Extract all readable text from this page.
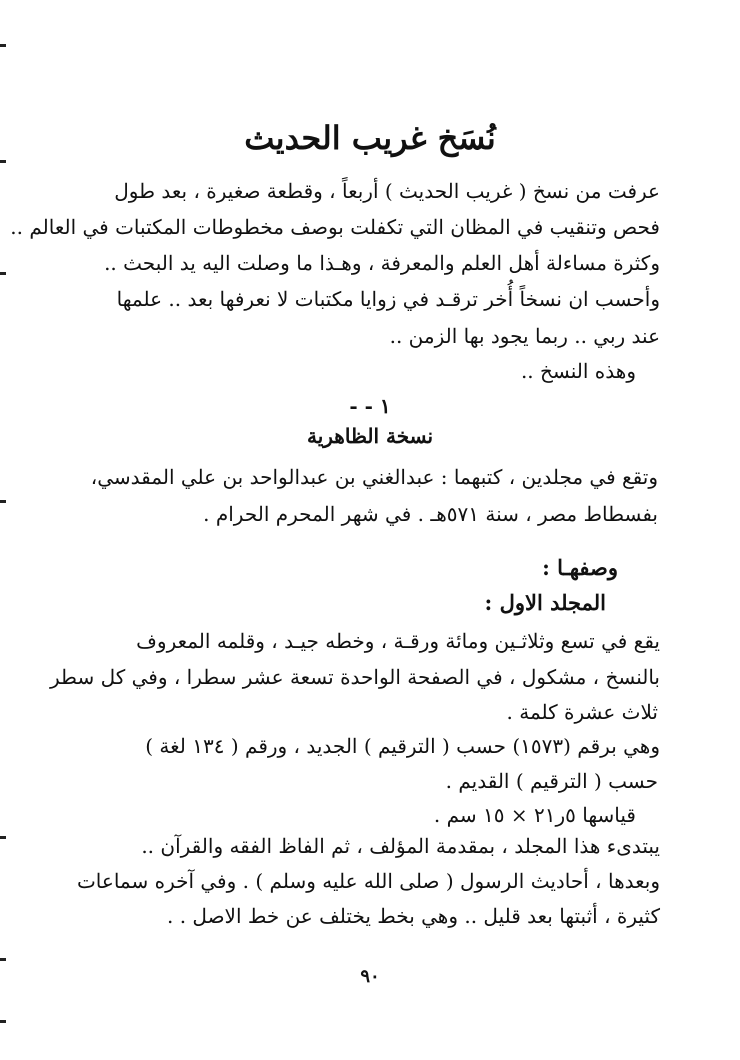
نُسَخ غريب الحديث
عرفت من نسخ ( غريب الحديث ) أربعاً ، وقطعة صغيرة ، بعد طول
فحص وتنقيب في المظان التي تكفلت بوصف مخطوطات المكتبات في العالم ..
وكثرة مساءلة أهل العلم والمعرفة ، وهـذا ما وصلت اليه يد البحث ..
وأحسب ان نسخاً أُخر ترقـد في زوايا مكتبات لا نعرفها بعد .. علمها
عند ربي .. ربما يجود بها الزمن ..
وهذه النسخ ..
١ - -
نسخة الظاهرية
وتقع في مجلدين ، كتبهما : عبدالغني بن عبدالواحد بن علي المقدسي،
بفسطاط مصر ، سنة ٥٧١هـ . في شهر المحرم الحرام .
وصفهـا :
المجلد الاول :
يقع في تسع وثلاثـين ومائة ورقـة ، وخطه جيـد ، وقلمه المعروف
بالنسخ ، مشكول ، في الصفحة الواحدة تسعة عشر سطرا ، وفي كل سطر
ثلاث عشرة كلمة .
وهي برقم (١٥٧٣) حسب ( الترقيم ) الجديد ، ورقم ( ١٣٤ لغة )
حسب ( الترقيم ) القديم .
قياسها ٥ر٢١ × ١٥ سم .
يبتدىء هذا المجلد ، بمقدمة المؤلف ، ثم الفاظ الفقه والقرآن ..
وبعدها ، أحاديث الرسول ( صلى الله عليه وسلم ) . وفي آخره سماعات
كثيرة ، أثبتها بعد قليل .. وهي بخط يختلف عن خط الاصل . .
٩٠
